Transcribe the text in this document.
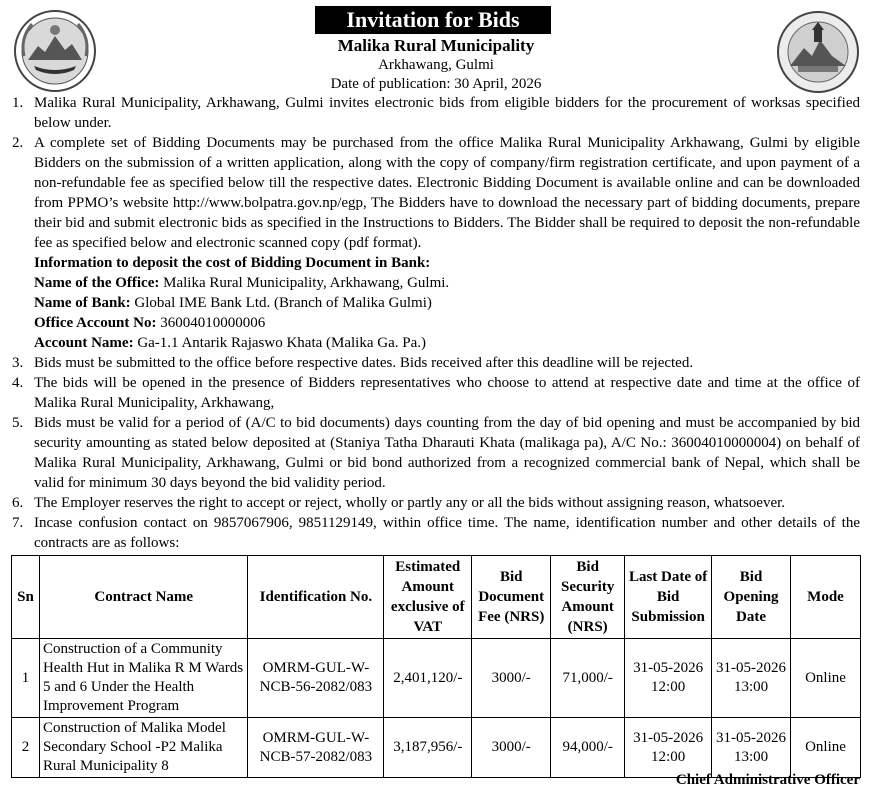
Invitation for Bids
Malika Rural Municipality
Arkhawang, Gulmi
Date of publication: 30 April, 2026
1. Malika Rural Municipality, Arkhawang, Gulmi invites electronic bids from eligible bidders for the procurement of worksas specified below under.
2. A complete set of Bidding Documents may be purchased from the office Malika Rural Municipality Arkhawang, Gulmi by eligible Bidders on the submission of a written application, along with the copy of company/firm registration certificate, and upon payment of a non-refundable fee as specified below till the respective dates. Electronic Bidding Document is available online and can be downloaded from PPMO’s website http://www.bolpatra.gov.np/egp, The Bidders have to download the necessary part of bidding documents, prepare their bid and submit electronic bids as specified in the Instructions to Bidders. The Bidder shall be required to deposit the non-refundable fee as specified below and electronic scanned copy (pdf format).
Information to deposit the cost of Bidding Document in Bank:
Name of the Office: Malika Rural Municipality, Arkhawang, Gulmi.
Name of Bank: Global IME Bank Ltd. (Branch of Malika Gulmi)
Office Account No: 36004010000006
Account Name: Ga-1.1 Antarik Rajaswo Khata (Malika Ga. Pa.)
3. Bids must be submitted to the office before respective dates. Bids received after this deadline will be rejected.
4. The bids will be opened in the presence of Bidders representatives who choose to attend at respective date and time at the office of Malika Rural Municipality, Arkhawang,
5. Bids must be valid for a period of (A/C to bid documents) days counting from the day of bid opening and must be accompanied by bid security amounting as stated below deposited at (Staniya Tatha Dharauti Khata (malikaga pa), A/C No.: 36004010000004) on behalf of Malika Rural Municipality, Arkhawang, Gulmi or bid bond authorized from a recognized commercial bank of Nepal, which shall be valid for minimum 30 days beyond the bid validity period.
6. The Employer reserves the right to accept or reject, wholly or partly any or all the bids without assigning reason, whatsoever.
7. Incase confusion contact on 9857067906, 9851129149, within office time. The name, identification number and other details of the contracts are as follows:
Sn	Contract Name	Identification No.	Estimated Amount exclusive of VAT	Bid Document Fee (NRS)	Bid Security Amount (NRS)	Last Date of Bid Submission	Bid Opening Date	Mode
1	Construction of a Community Health Hut in Malika R M Wards 5 and 6 Under the Health Improvement Program	OMRM-GUL-W-NCB-56-2082/083	2,401,120/-	3000/-	71,000/-	31-05-2026 12:00	31-05-2026 13:00	Online
2	Construction of Malika Model Secondary School -P2 Malika Rural Municipality 8	OMRM-GUL-W-NCB-57-2082/083	3,187,956/-	3000/-	94,000/-	31-05-2026 12:00	31-05-2026 13:00	Online
Chief Administrative Officer
